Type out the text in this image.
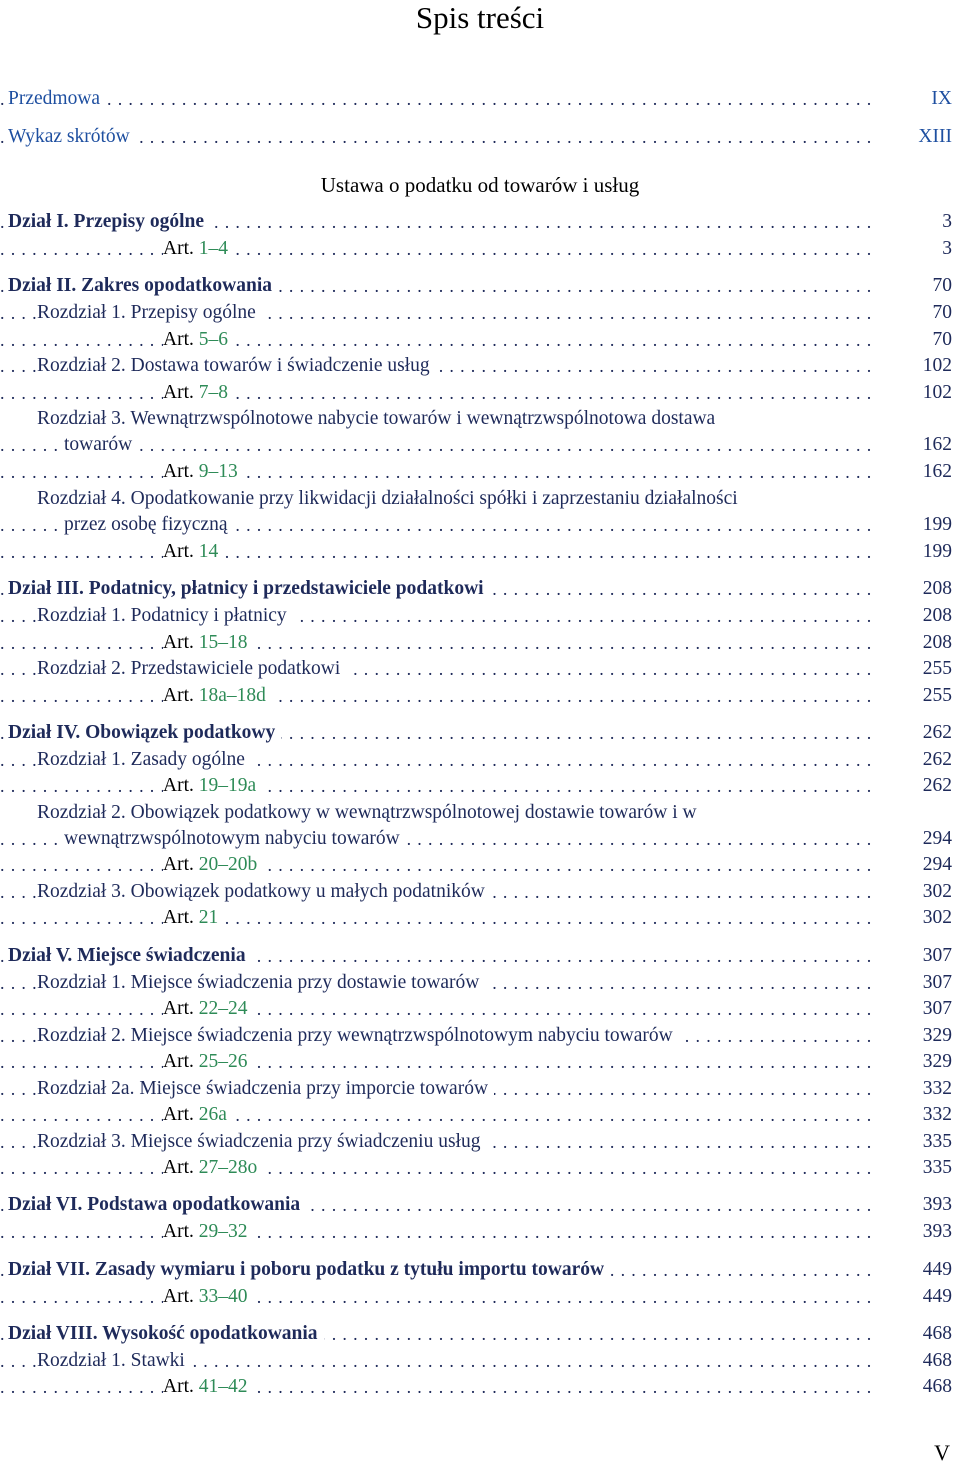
Spis treści
.....
Przedmowa	IX
.....
Wykaz skrótów	XIII
Ustawa o podatku od towarów i usług
.....
Dział I. Przepisy ogólne	3
.....
Art. 1–4	3
.....
Dział II. Zakres opodatkowania	70
.....
Rozdział 1. Przepisy ogólne	70
.....
Art. 5–6	70
.....
Rozdział 2. Dostawa towarów i świadczenie usług	102
.....
Art. 7–8	102
Rozdział 3. Wewnątrzwspólnotowe nabycie towarów i wewnątrzwspólnotowa dostawa
.....
towarów	162
.....
Art. 9–13	162
Rozdział 4. Opodatkowanie przy likwidacji działalności spółki i zaprzestaniu działalności
.....
przez osobę fizyczną	199
.....
Art. 14	199
.....
Dział III. Podatnicy, płatnicy i przedstawiciele podatkowi	208
.....
Rozdział 1. Podatnicy i płatnicy	208
.....
Art. 15–18	208
.....
Rozdział 2. Przedstawiciele podatkowi	255
.....
Art. 18a–18d	255
.....
Dział IV. Obowiązek podatkowy	262
.....
Rozdział 1. Zasady ogólne	262
.....
Art. 19–19a	262
Rozdział 2. Obowiązek podatkowy w wewnątrzwspólnotowej dostawie towarów i w
.....
wewnątrzwspólnotowym nabyciu towarów	294
.....
Art. 20–20b	294
.....
Rozdział 3. Obowiązek podatkowy u małych podatników	302
.....
Art. 21	302
.....
Dział V. Miejsce świadczenia	307
.....
Rozdział 1. Miejsce świadczenia przy dostawie towarów	307
.....
Art. 22–24	307
.....
Rozdział 2. Miejsce świadczenia przy wewnątrzwspólnotowym nabyciu towarów	329
.....
Art. 25–26	329
.....
Rozdział 2a. Miejsce świadczenia przy imporcie towarów	332
.....
Art. 26a	332
.....
Rozdział 3. Miejsce świadczenia przy świadczeniu usług	335
.....
Art. 27–28o	335
.....
Dział VI. Podstawa opodatkowania	393
.....
Art. 29–32	393
.....
Dział VII. Zasady wymiaru i poboru podatku z tytułu importu towarów	449
.....
Art. 33–40	449
.....
Dział VIII. Wysokość opodatkowania	468
.....
Rozdział 1. Stawki	468
.....
Art. 41–42	468
V
